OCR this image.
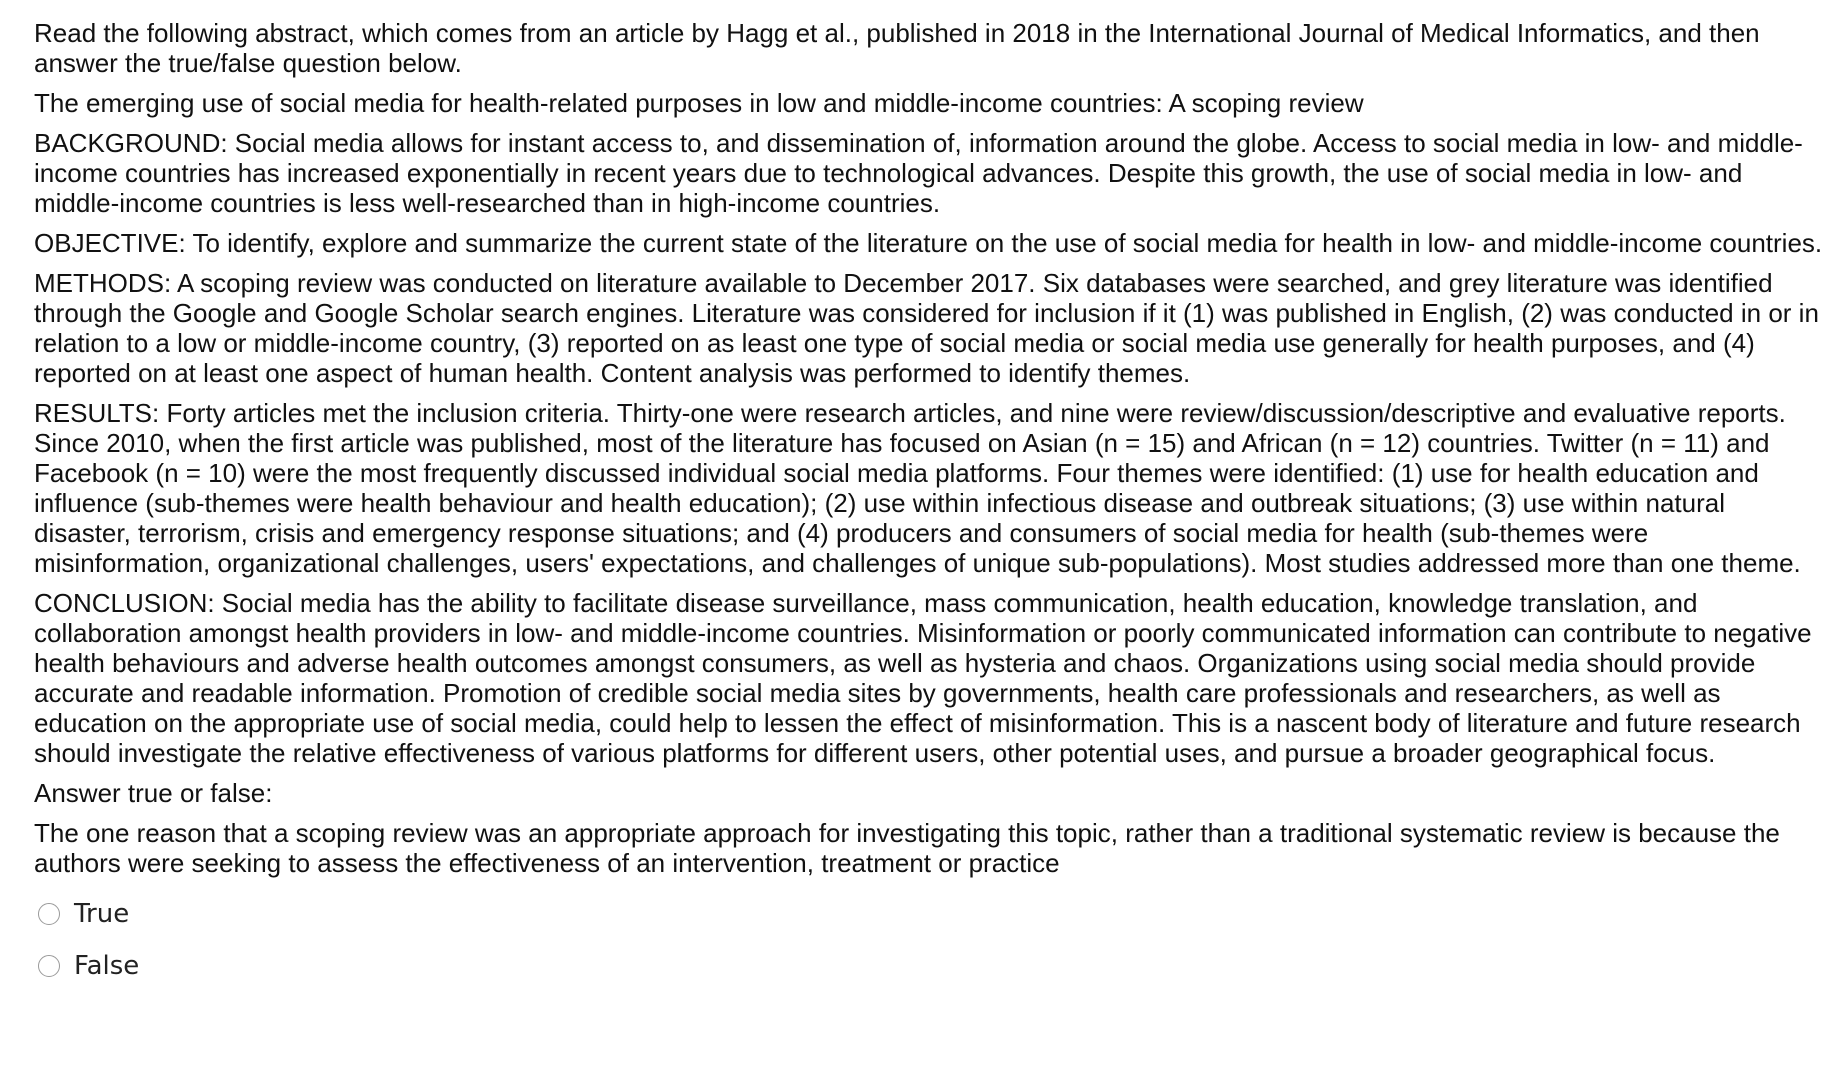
Read the following abstract, which comes from an article by Hagg et al., published in 2018 in the International Journal of Medical Informatics, and then answer the true/false question below.

The emerging use of social media for health-related purposes in low and middle-income countries: A scoping review

BACKGROUND: Social media allows for instant access to, and dissemination of, information around the globe. Access to social media in low- and middle-income countries has increased exponentially in recent years due to technological advances. Despite this growth, the use of social media in low- and middle-income countries is less well-researched than in high-income countries.

OBJECTIVE: To identify, explore and summarize the current state of the literature on the use of social media for health in low- and middle-income countries.

METHODS: A scoping review was conducted on literature available to December 2017. Six databases were searched, and grey literature was identified through the Google and Google Scholar search engines. Literature was considered for inclusion if it (1) was published in English, (2) was conducted in or in relation to a low or middle-income country, (3) reported on as least one type of social media or social media use generally for health purposes, and (4) reported on at least one aspect of human health. Content analysis was performed to identify themes.

RESULTS: Forty articles met the inclusion criteria. Thirty-one were research articles, and nine were review/discussion/descriptive and evaluative reports. Since 2010, when the first article was published, most of the literature has focused on Asian (n = 15) and African (n = 12) countries. Twitter (n = 11) and Facebook (n = 10) were the most frequently discussed individual social media platforms. Four themes were identified: (1) use for health education and influence (sub-themes were health behaviour and health education); (2) use within infectious disease and outbreak situations; (3) use within natural disaster, terrorism, crisis and emergency response situations; and (4) producers and consumers of social media for health (sub-themes were misinformation, organizational challenges, users' expectations, and challenges of unique sub-populations). Most studies addressed more than one theme.

CONCLUSION: Social media has the ability to facilitate disease surveillance, mass communication, health education, knowledge translation, and collaboration amongst health providers in low- and middle-income countries. Misinformation or poorly communicated information can contribute to negative health behaviours and adverse health outcomes amongst consumers, as well as hysteria and chaos. Organizations using social media should provide accurate and readable information. Promotion of credible social media sites by governments, health care professionals and researchers, as well as education on the appropriate use of social media, could help to lessen the effect of misinformation. This is a nascent body of literature and future research should investigate the relative effectiveness of various platforms for different users, other potential uses, and pursue a broader geographical focus.

Answer true or false:

The one reason that a scoping review was an appropriate approach for investigating this topic, rather than a traditional systematic review is because the authors were seeking to assess the effectiveness of an intervention, treatment or practice

True
False
